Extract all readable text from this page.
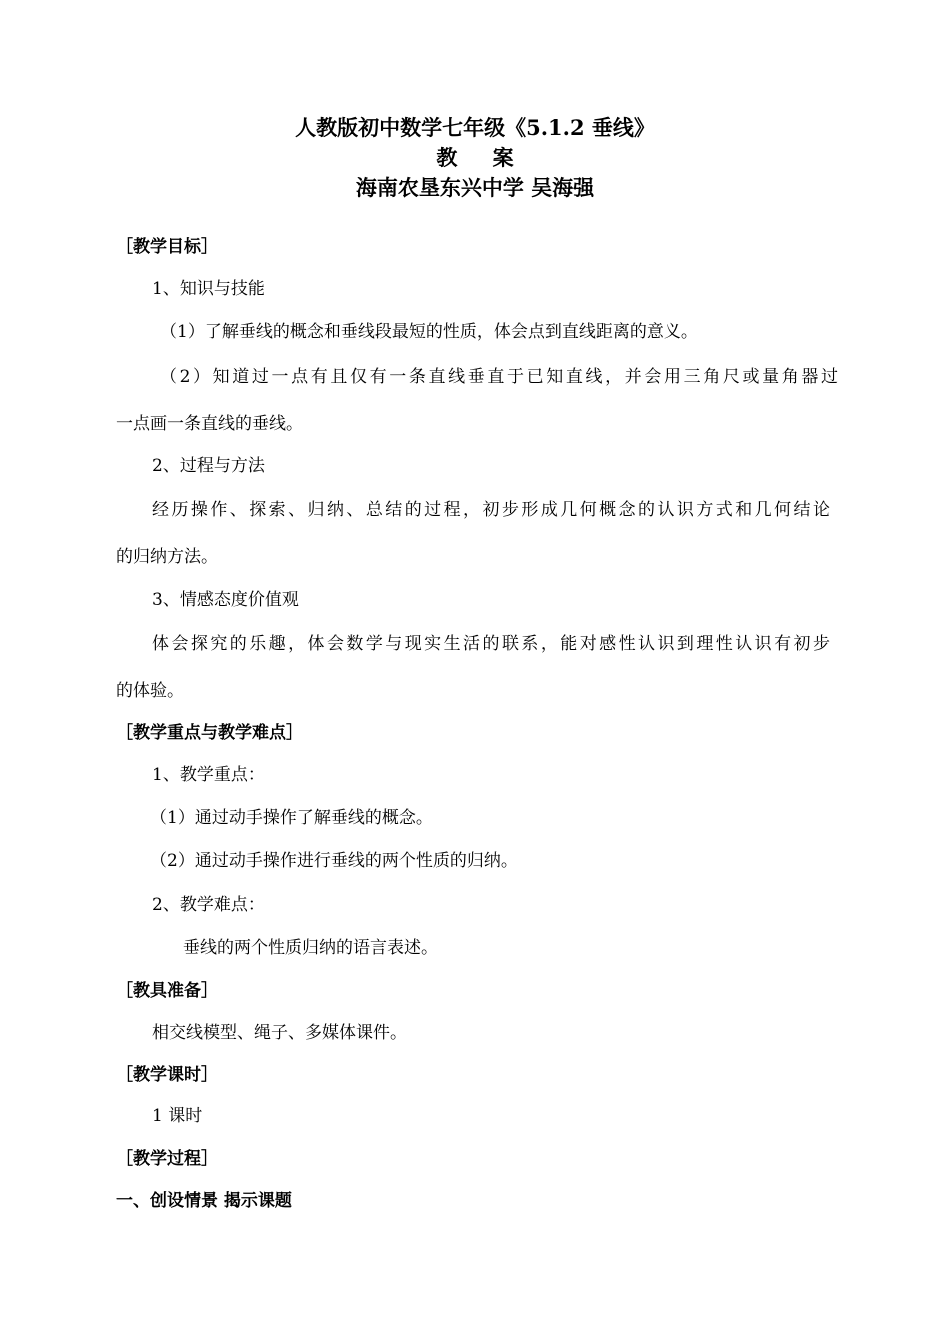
人教版初中数学七年级《5.1.2 垂线》
教 案
海南农垦东兴中学 吴海强
［教学目标］
1、知识与技能
（1）了解垂线的概念和垂线段最短的性质，体会点到直线距离的意义。
（2）知道过一点有且仅有一条直线垂直于已知直线，并会用三角尺或量角器过
一点画一条直线的垂线。
2、过程与方法
经历操作、探索、归纳、总结的过程，初步形成几何概念的认识方式和几何结论
的归纳方法。
3、情感态度价值观
体会探究的乐趣，体会数学与现实生活的联系，能对感性认识到理性认识有初步
的体验。
［教学重点与教学难点］
1、教学重点：
（1）通过动手操作了解垂线的概念。
（2）通过动手操作进行垂线的两个性质的归纳。
2、教学难点：
垂线的两个性质归纳的语言表述。
［教具准备］
相交线模型、绳子、多媒体课件。
［教学课时］
1 课时
［教学过程］
一、创设情景 揭示课题
